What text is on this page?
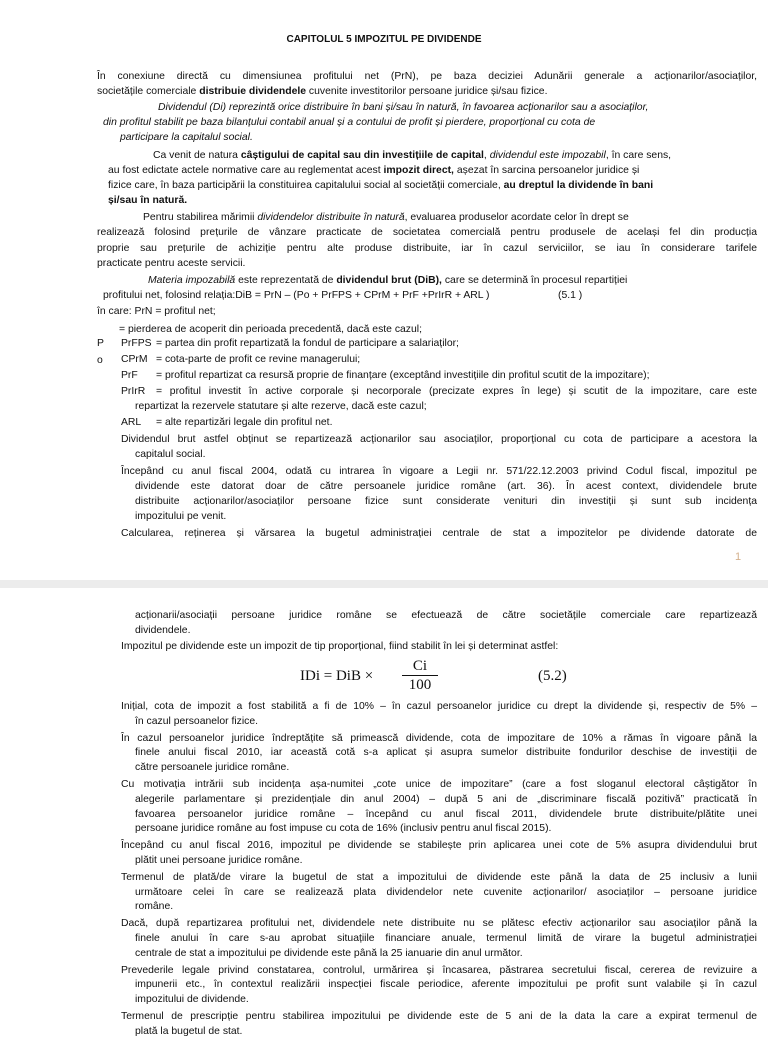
CAPITOLUL 5 IMPOZITUL PE DIVIDENDE
În conexiune directă cu dimensiunea profitului net (PrN), pe baza deciziei Adunării generale a acționarilor/asociaților,
societățile comerciale distribuie dividendele cuvenite investitorilor persoane juridice și/sau fizice.
Dividendul (Di) reprezintă orice distribuire în bani și/sau în natură, în favoarea acționarilor sau a asociaților,
din profitul stabilit pe baza bilanțului contabil anual și a contului de profit și pierdere, proporțional cu cota de
participare la capitalul social.
Ca venit de natura câștigului de capital sau din investițiile de capital, dividendul este impozabil, în care sens,
au fost edictate actele normative care au reglementat acest impozit direct, așezat în sarcina persoanelor juridice și
fizice care, în baza participării la constituirea capitalului social al societății comerciale, au dreptul la dividende în bani
și/sau în natură.
Pentru stabilirea mărimii dividendelor distribuite în natură, evaluarea produselor acordate celor în drept se
realizează folosind prețurile de vânzare practicate de societatea comercială pentru produsele de același fel din producția
proprie sau prețurile de achiziție pentru alte produse distribuite, iar în cazul serviciilor, se iau în considerare tarifele
practicate pentru aceste servicii.
Materia impozabilă este reprezentată de dividendul brut (DiB), care se determină în procesul repartiției
profitului net, folosind relația:DiB = PrN – (Po + PrFPS + CPrM + PrF +PrIrR + ARL )	(5.1 )
în care: PrN = profitul net;
= pierderea de acoperit din perioada precedentă, dacă este cazul;
P
o
PrFPS = partea din profit repartizată la fondul de participare a salariaților;
CPrM = cota-parte de profit ce revine managerului;
PrF = profitul repartizat ca resursă proprie de finanțare (exceptând investițiile din profitul scutit de la impozitare);
PrIrR = profitul investit în active corporale și necorporale (precizate expres în lege) și scutit de la impozitare, care este
repartizat la rezervele statutare și alte rezerve, dacă este cazul;
ARL = alte repartizări legale din profitul net.
Dividendul brut astfel obținut se repartizează acționarilor sau asociaților, proporțional cu cota de participare a acestora la
capitalul social.
Începând cu anul fiscal 2004, odată cu intrarea în vigoare a Legii nr. 571/22.12.2003 privind Codul fiscal, impozitul pe
dividende este datorat doar de către persoanele juridice române (art. 36). În acest context, dividendele brute
distribuite acționarilor/asociaților persoane fizice sunt considerate venituri din investiții și sunt sub incidența
impozitului pe venit.
Calcularea, reținerea și vărsarea la bugetul administrației centrale de stat a impozitelor pe dividende datorate de
1
acționarii/asociații persoane juridice române se efectuează de către societățile comerciale care repartizează
dividendele.
Impozitul pe dividende este un impozit de tip proporțional, fiind stabilit în lei și determinat astfel:
IDi = DiB ×
Ci
100
(5.2)
Inițial, cota de impozit a fost stabilită a fi de 10% – în cazul persoanelor juridice cu drept la dividende și, respectiv de 5% –
în cazul persoanelor fizice.
În cazul persoanelor juridice îndreptățite să primească dividende, cota de impozitare de 10% a rămas în vigoare până la
finele anului fiscal 2010, iar această cotă s-a aplicat și asupra sumelor distribuite fondurilor deschise de investiții de
către persoanele juridice române.
Cu motivația intrării sub incidența așa-numitei „cote unice de impozitare” (care a fost sloganul electoral câștigător în
alegerile parlamentare și prezidențiale din anul 2004) – după 5 ani de „discriminare fiscală pozitivă” practicată în
favoarea persoanelor juridice române – începând cu anul fiscal 2011, dividendele brute distribuite/plătite unei
persoane juridice române au fost impuse cu cota de 16% (inclusiv pentru anul fiscal 2015).
Începând cu anul fiscal 2016, impozitul pe dividende se stabilește prin aplicarea unei cote de 5% asupra dividendului brut
plătit unei persoane juridice române.
Termenul de plată/de virare la bugetul de stat a impozitului de dividende este până la data de 25 inclusiv a lunii
următoare celei în care se realizează plata dividendelor nete cuvenite acționarilor/ asociaților – persoane juridice
române.
Dacă, după repartizarea profitului net, dividendele nete distribuite nu se plătesc efectiv acționarilor sau asociaților până la
finele anului în care s-au aprobat situațiile financiare anuale, termenul limită de virare la bugetul administrației
centrale de stat a impozitului pe dividende este până la 25 ianuarie din anul următor.
Prevederile legale privind constatarea, controlul, urmărirea și încasarea, păstrarea secretului fiscal, cererea de revizuire a
impunerii etc., în contextul realizării inspecției fiscale periodice, aferente impozitului pe profit sunt valabile și în cazul
impozitului de dividende.
Termenul de prescripție pentru stabilirea impozitului pe dividende este de 5 ani de la data la care a expirat termenul de
plată la bugetul de stat.
